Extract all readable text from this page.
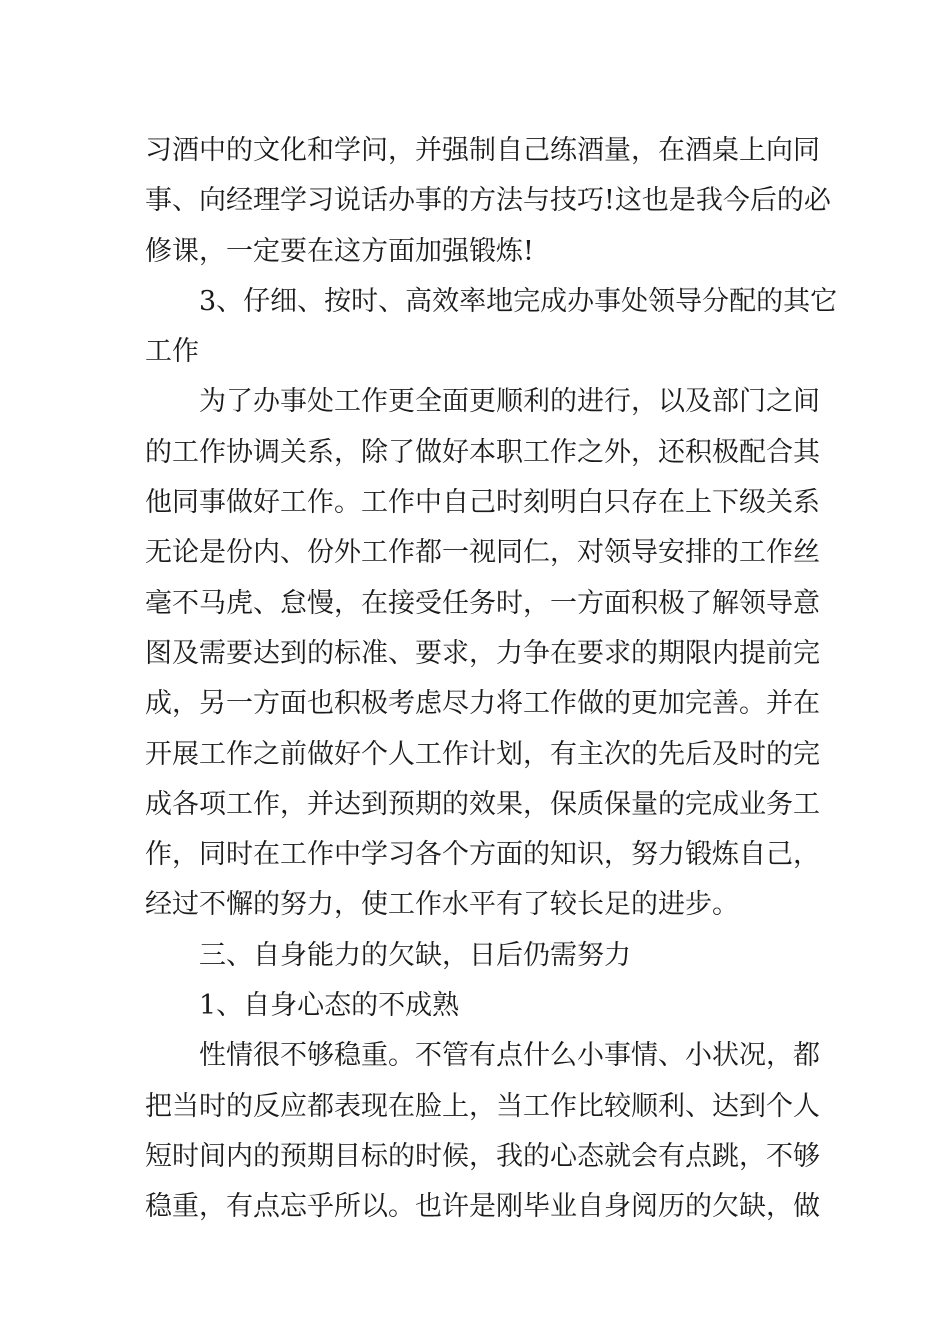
习酒中的文化和学问，并强制自己练酒量，在酒桌上向同
事、向经理学习说话办事的方法与技巧!这也是我今后的必
修课，一定要在这方面加强锻炼!
3、仔细、按时、高效率地完成办事处领导分配的其它
工作
为了办事处工作更全面更顺利的进行，以及部门之间
的工作协调关系，除了做好本职工作之外，还积极配合其
他同事做好工作。工作中自己时刻明白只存在上下级关系
无论是份内、份外工作都一视同仁，对领导安排的工作丝
毫不马虎、怠慢，在接受任务时，一方面积极了解领导意
图及需要达到的标准、要求，力争在要求的期限内提前完
成，另一方面也积极考虑尽力将工作做的更加完善。并在
开展工作之前做好个人工作计划，有主次的先后及时的完
成各项工作，并达到预期的效果，保质保量的完成业务工
作，同时在工作中学习各个方面的知识，努力锻炼自己，
经过不懈的努力，使工作水平有了较长足的进步。
三、自身能力的欠缺，日后仍需努力
1、自身心态的不成熟
性情很不够稳重。不管有点什么小事情、小状况，都
把当时的反应都表现在脸上，当工作比较顺利、达到个人
短时间内的预期目标的时候，我的心态就会有点跳，不够
稳重，有点忘乎所以。也许是刚毕业自身阅历的欠缺，做
